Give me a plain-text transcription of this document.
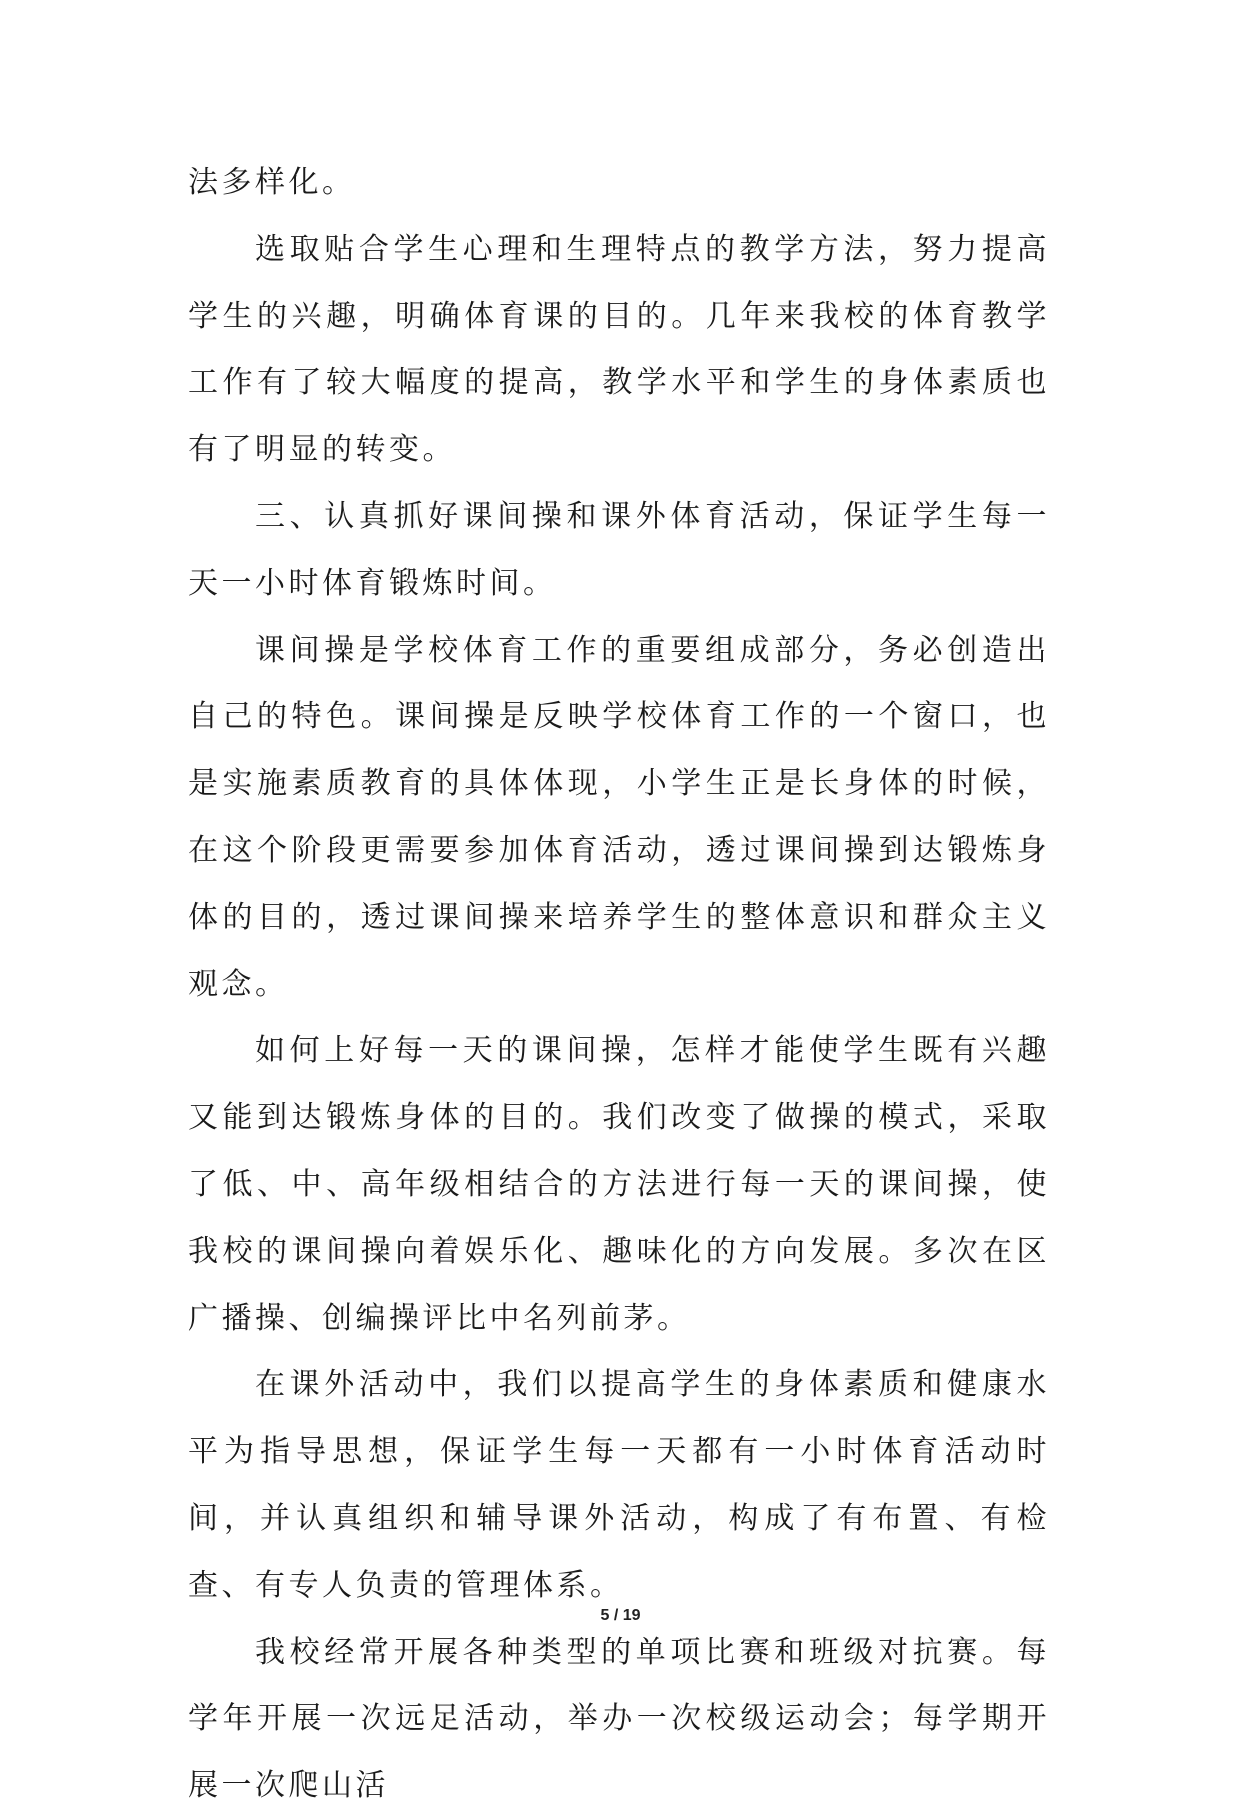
法多样化。

选取贴合学生心理和生理特点的教学方法，努力提高学生的兴趣，明确体育课的目的。几年来我校的体育教学工作有了较大幅度的提高，教学水平和学生的身体素质也有了明显的转变。

三、认真抓好课间操和课外体育活动，保证学生每一天一小时体育锻炼时间。

课间操是学校体育工作的重要组成部分，务必创造出自己的特色。课间操是反映学校体育工作的一个窗口，也是实施素质教育的具体体现，小学生正是长身体的时候，在这个阶段更需要参加体育活动，透过课间操到达锻炼身体的目的，透过课间操来培养学生的整体意识和群众主义观念。

如何上好每一天的课间操，怎样才能使学生既有兴趣又能到达锻炼身体的目的。我们改变了做操的模式，采取了低、中、高年级相结合的方法进行每一天的课间操，使我校的课间操向着娱乐化、趣味化的方向发展。多次在区广播操、创编操评比中名列前茅。

在课外活动中，我们以提高学生的身体素质和健康水平为指导思想，保证学生每一天都有一小时体育活动时间，并认真组织和辅导课外活动，构成了有布置、有检查、有专人负责的管理体系。

我校经常开展各种类型的单项比赛和班级对抗赛。每学年开展一次远足活动，举办一次校级运动会；每学期开展一次爬山活

5 / 19
